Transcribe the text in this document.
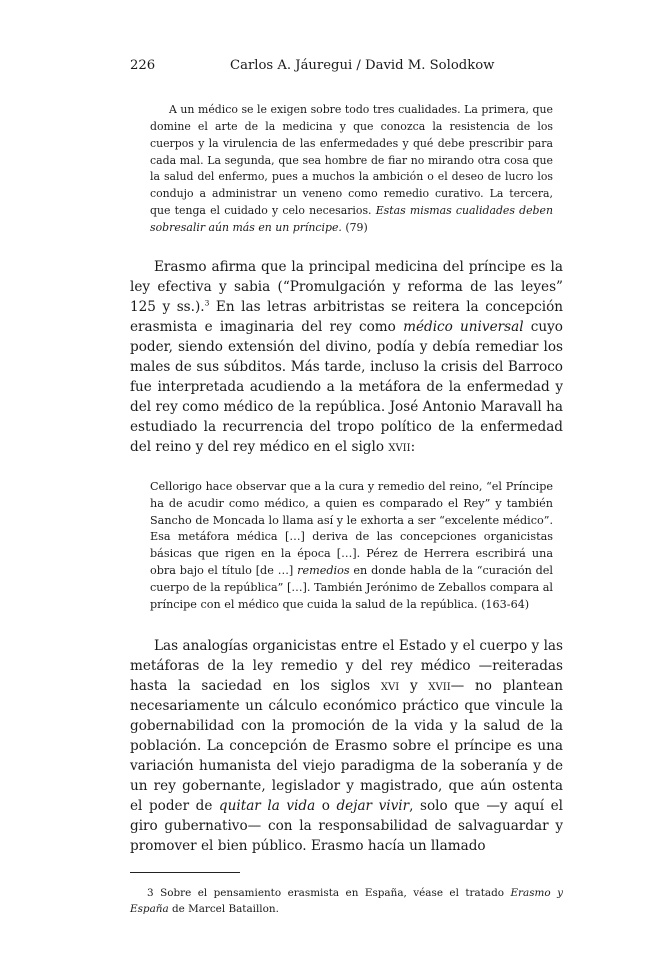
226	Carlos A. Jáuregui / David M. Solodkow

A un médico se le exigen sobre todo tres cualidades. La primera, que domine el arte de la medicina y que conozca la resistencia de los cuerpos y la virulencia de las enfermedades y qué debe prescribir para cada mal. La segunda, que sea hombre de fiar no mirando otra cosa que la salud del enfermo, pues a muchos la ambición o el deseo de lucro los condujo a administrar un veneno como remedio curativo. La tercera, que tenga el cuidado y celo necesarios. Estas mismas cualidades deben sobresalir aún más en un príncipe. (79)

Erasmo afirma que la principal medicina del príncipe es la ley efectiva y sabia (“Promulgación y reforma de las leyes” 125 y ss.).$^3$ En las letras arbitristas se reitera la concepción erasmista e imaginaria del rey como médico universal cuyo poder, siendo extensión del divino, podía y debía remediar los males de sus súbditos. Más tarde, incluso la crisis del Barroco fue interpretada acudiendo a la metáfora de la enfermedad y del rey como médico de la república. José Antonio Maravall ha estudiado la recurrencia del tropo político de la enfermedad del reino y del rey médico en el siglo xvii:

Cellorigo hace observar que a la cura y remedio del reino, “el Príncipe ha de acudir como médico, a quien es comparado el Rey” y también Sancho de Moncada lo llama así y le exhorta a ser “excelente médico”. Esa metáfora médica […] deriva de las concepciones organicistas básicas que rigen en la época […]. Pérez de Herrera escribirá una obra bajo el título [de …] remedios en donde habla de la “curación del cuerpo de la república” […]. También Jerónimo de Zeballos compara al príncipe con el médico que cuida la salud de la república. (163-64)

Las analogías organicistas entre el Estado y el cuerpo y las metáforas de la ley remedio y del rey médico —reiteradas hasta la saciedad en los siglos xvi y xvii— no plantean necesariamente un cálculo económico práctico que vincule la gobernabilidad con la promoción de la vida y la salud de la población. La concepción de Erasmo sobre el príncipe es una variación humanista del viejo paradigma de la soberanía y de un rey gobernante, legislador y magistrado, que aún ostenta el poder de quitar la vida o dejar vivir, solo que —y aquí el giro gubernativo— con la responsabilidad de salvaguardar y promover el bien público. Erasmo hacía un llamado

3 Sobre el pensamiento erasmista en España, véase el tratado Erasmo y España de Marcel Bataillon.
